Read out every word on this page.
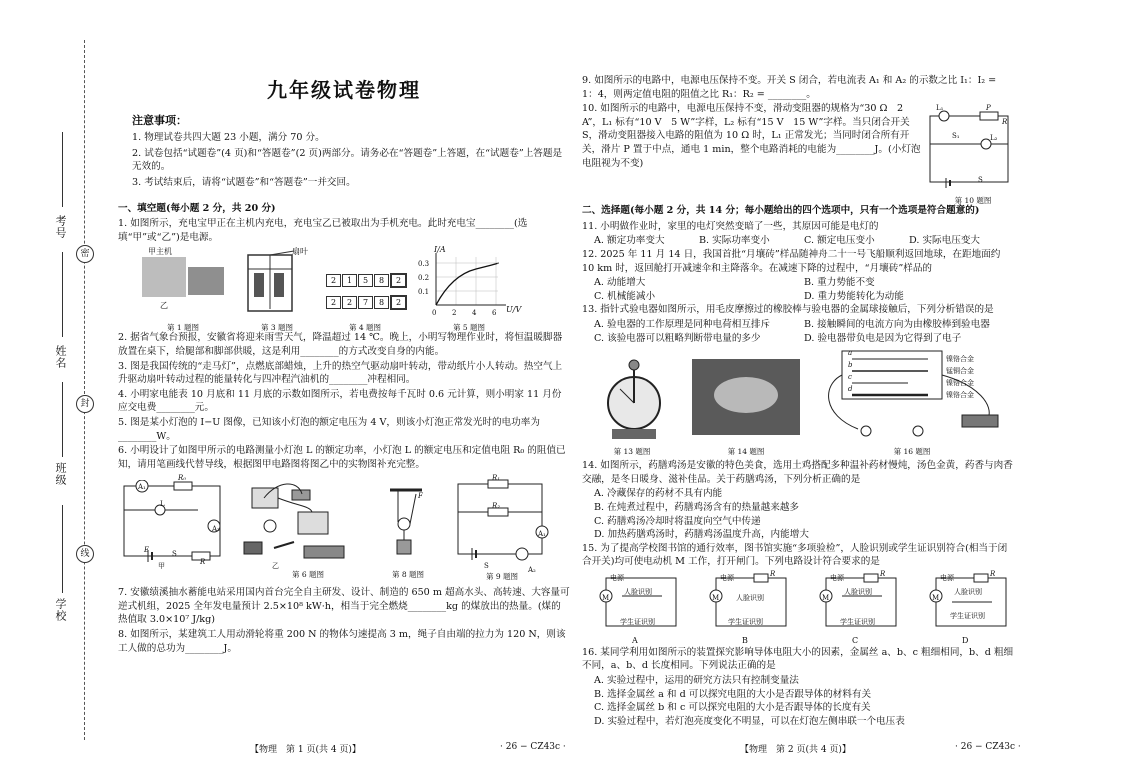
考号
姓名
班级
学校
密
封
线
九年级试卷物理

注意事项：

1. 物理试卷共四大题 23 小题，满分 70 分。

2. 试卷包括“试题卷”(4 页)和“答题卷”(2 页)两部分。请务必在“答题卷”上答题，在“试题卷”上答题是无效的。

3. 考试结束后，请将“试题卷”和“答题卷”一并交回。

一、填空题(每小题 2 分，共 20 分)

1. 如图所示，充电宝甲正在主机内充电，充电宝乙已被取出为手机充电。此时充电宝________(选填“甲”或“乙”)是电源。

甲主机
乙
扇叶
2 1 5 8 2
2 2 7 8 2
I/A
0.3
0.2
0.1
0 2 4 6 U/V
第 1 题图	第 3 题图	第 4 题图	第 5 题图

2. 据省气象台预报，安徽省将迎来雨雪天气，降温超过 14 ℃。晚上，小明写物理作业时，将恒温暖脚器放置在桌下，给腿部和脚部供暖，这是利用________的方式改变自身的内能。

3. 图是我国传统的“走马灯”，点燃底部蜡烛，上升的热空气驱动扇叶转动，带动纸片小人转动。热空气上升驱动扇叶转动过程的能量转化与四冲程汽油机的________冲程相同。

4. 小明家电能表 10 月底和 11 月底的示数如图所示，若电费按每千瓦时 0.6 元计算，则小明家 11 月份应交电费________元。

5. 图是某小灯泡的 I−U 图像，已知该小灯泡的额定电压为 4 V，则该小灯泡正常发光时的电功率为________W。

6. 小明设计了如图甲所示的电路测量小灯泡 L 的额定功率，小灯泡 L 的额定电压和定值电阻 R₀ 的阻值已知，请用笔画线代替导线，根据图甲电路图将图乙中的实物图补充完整。

A₁
R₀
L
A₂
E	S
R
甲	乙
F
R₁
R₂
A₁
A₂
S
第 6 题图	第 8 题图	第 9 题图

7. 安徽绩溪抽水蓄能电站采用国内首台完全自主研发、设计、制造的 650 m 超高水头、高转速、大容量可逆式机组，2025 全年发电量预计 2.5×10⁸ kW·h，相当于完全燃烧________kg 的煤放出的热量。(煤的热值取 3.0×10⁷ J/kg)

8. 如图所示，某建筑工人用动滑轮将重 200 N 的物体匀速提高 3 m，绳子自由端的拉力为 120 N，则该工人做的总功为________J。

9. 如图所示的电路中，电源电压保持不变。开关 S 闭合，若电流表 A₁ 和 A₂ 的示数之比 I₁：I₂ = 1：4，则两定值电阻的阻值之比 R₁：R₂ = ________。

10. 如图所示的电路中，电源电压保持不变，滑动变阻器的规格为“30 Ω　2 A”，L₁ 标有“10 V　5 W”字样，L₂ 标有“15 V　15 W”字样。当只闭合开关 S，滑动变阻器接入电路的阻值为 10 Ω 时，L₁ 正常发光；当同时闭合所有开关，滑片 P 置于中点，通电 1 min，整个电路消耗的电能为________J。(小灯泡电阻视为不变)

L₁	P
R
S₁	L₂
S
第 10 题图

二、选择题(每小题 2 分，共 14 分；每小题给出的四个选项中，只有一个选项是符合题意的)

11. 小明做作业时，家里的电灯突然变暗了一些，其原因可能是电灯的

A. 额定功率变大	B. 实际功率变小	C. 额定电压变小	D. 实际电压变大

12. 2025 年 11 月 14 日，我国首批“月壤砖”样品随神舟二十一号飞船顺利返回地球，在距地面约 10 km 时，返回舱打开减速伞和主降落伞。在减速下降的过程中，“月壤砖”样品的

A. 动能增大	B. 重力势能不变
C. 机械能减小	D. 重力势能转化为动能

13. 指针式验电器如图所示，用毛皮摩擦过的橡胶棒与验电器的金属球接触后，下列分析错误的是

A. 验电器的工作原理是同种电荷相互排斥	B. 接触瞬间的电流方向为由橡胶棒到验电器
C. 该验电器可以粗略判断带电量的多少	D. 验电器带负电是因为它得到了电子
a
b
c
d
镍铬合金
锰铜合金
镍铬合金
镍铬合金
第 13 题图	第 14 题图	第 16 题图

14. 如图所示，药膳鸡汤是安徽的特色美食，选用土鸡搭配多种温补药材慢炖，汤色金黄，药香与肉香交融，是冬日暖身、滋补佳品。关于药膳鸡汤，下列分析正确的是

A. 冷藏保存的药材不具有内能

B. 在炖煮过程中，药膳鸡汤含有的热量越来越多

C. 药膳鸡汤冷却时将温度向空气中传递

D. 加热药膳鸡汤时，药膳鸡汤温度升高，内能增大

15. 为了提高学校图书馆的通行效率，图书馆实施“多项验检”，人脸识别或学生证识别符合(相当于闭合开关)均可使电动机 M 工作，打开闸门。下列电路设计符合要求的是

电源
M
人脸识别
学生证识别
A
电源	R
M 人脸识别
学生证识别
B
电源	R
M
人脸识别
学生证识别
C
电源	R
M
人脸识别
学生证识别
D

16. 某同学利用如图所示的装置探究影响导体电阻大小的因素，金属丝 a、b、c 粗细相同，b、d 粗细不同，a、b、d 长度相同。下列说法正确的是

A. 实验过程中，运用的研究方法只有控制变量法

B. 选择金属丝 a 和 d 可以探究电阻的大小是否跟导体的材料有关

C. 选择金属丝 b 和 c 可以探究电阻的大小是否跟导体的长度有关

D. 实验过程中，若灯泡亮度变化不明显，可以在灯泡左侧串联一个电压表

【物理　第 1 页(共 4 页)】	· 26 − CZ43c ·	【物理　第 2 页(共 4 页)】	· 26 − CZ43c ·
